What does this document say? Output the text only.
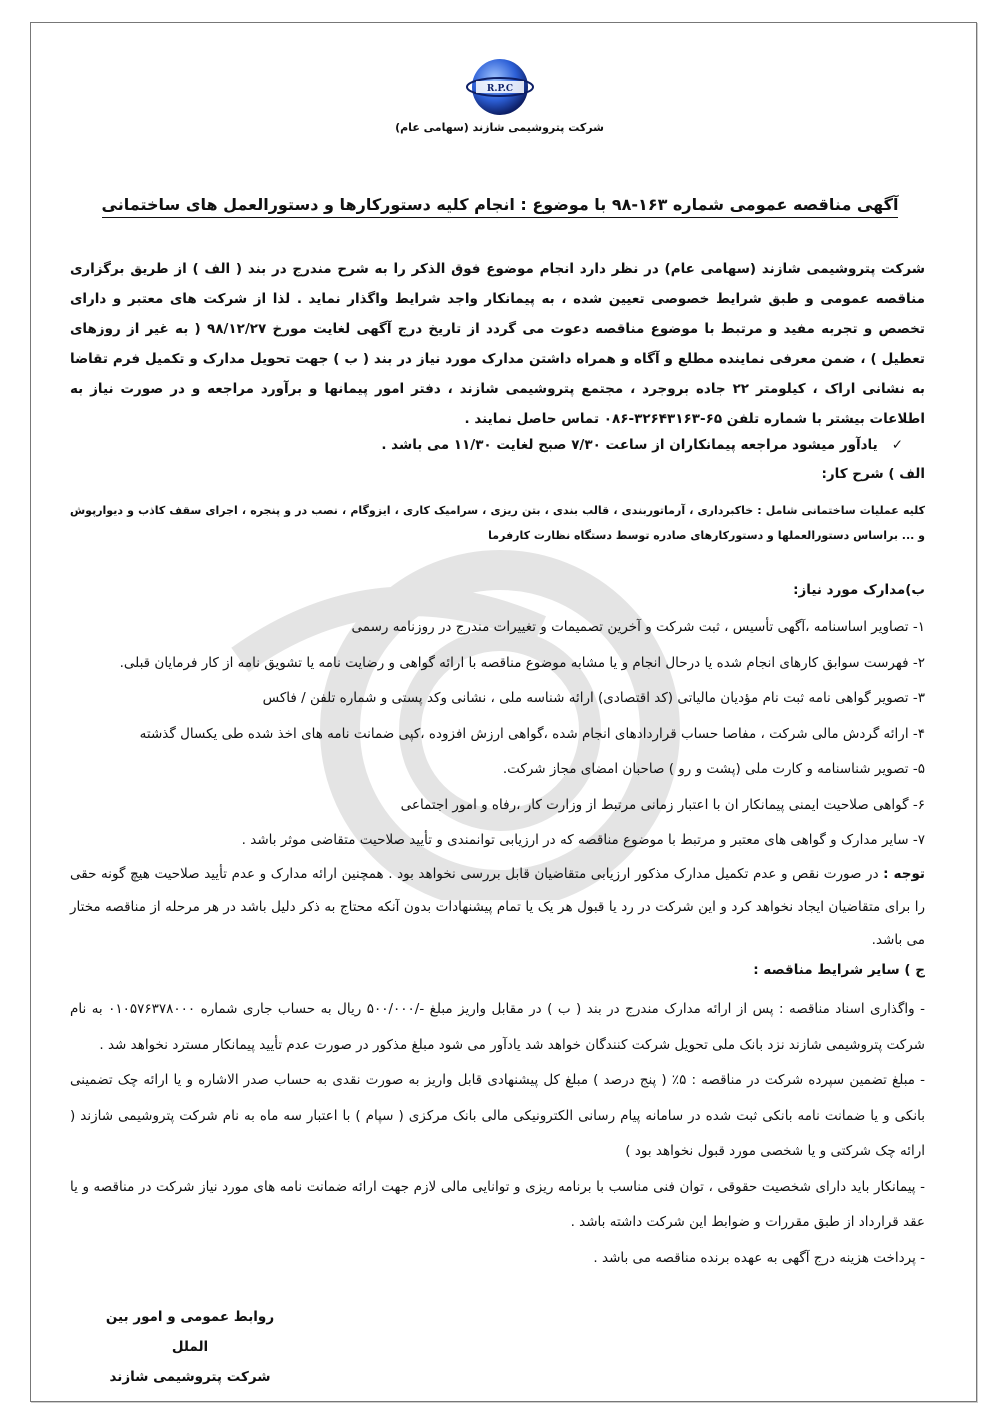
R.P.C
شرکت پتروشیمی شازند (سهامی عام)
آگهی مناقصه عمومی شماره ۱۶۳-۹۸ با موضوع : انجام کلیه دستورکارها و دستورالعمل های ساختمانی
شرکت پتروشیمی شازند (سهامی عام) در نظر دارد انجام موضوع فوق الذکر را به شرح مندرج در بند ( الف ) از طریق برگزاری مناقصه عمومی و طبق شرایط خصوصی تعیین شده ، به پیمانکار واجد شرایط واگذار نماید . لذا از شرکت های معتبر و دارای تخصص و تجربه مفید و مرتبط با موضوع مناقصه دعوت می گردد از تاریخ درج آگهی لغایت مورخ ۹۸/۱۲/۲۷ ( به غیر از روزهای تعطیل ) ، ضمن معرفی نماینده مطلع و آگاه و همراه داشتن مدارک مورد نیاز در بند ( ب ) جهت تحویل مدارک و تکمیل فرم تقاضا به نشانی اراک ، کیلومتر ۲۲ جاده بروجرد ، مجتمع پتروشیمی شازند ، دفتر امور پیمانها و برآورد مراجعه و در صورت نیاز به اطلاعات بیشتر با شماره تلفن ۶۵-۳۲۶۴۳۱۶۳-۰۸۶ تماس حاصل نمایند .
✓یادآور میشود مراجعه پیمانکاران از ساعت ۷/۳۰ صبح لغایت ۱۱/۳۰ می باشد .
الف ) شرح کار:
کلیه عملیات ساختمانی شامل : خاکبرداری ، آرماتوربندی ، قالب بندی ، بتن ریزی ، سرامیک کاری ، ایزوگام ، نصب در و پنجره ، اجرای سقف کاذب و دیوارپوش و ... براساس دستورالعملها و دستورکارهای صادره توسط دستگاه نظارت کارفرما
ب)مدارک مورد نیاز:
۱- تصاویر اساسنامه ،آگهی تأسیس ، ثبت شرکت و آخرین تصمیمات و تغییرات مندرج در روزنامه رسمی
۲- فهرست سوابق کارهای انجام شده یا درحال انجام و یا مشابه موضوع مناقصه با ارائه گواهی و رضایت نامه یا تشویق نامه از کار فرمایان قبلی.
۳- تصویر گواهی نامه ثبت نام مؤدیان مالیاتی (کد اقتصادی) ارائه شناسه ملی ، نشانی وکد پستی و شماره تلفن / فاکس
۴- ارائه گردش مالی شرکت ، مفاصا حساب قراردادهای انجام شده ،گواهی ارزش افزوده ،کپی ضمانت نامه های اخذ شده طی یکسال گذشته
۵- تصویر شناسنامه و کارت ملی (پشت و رو ) صاحبان امضای مجاز شرکت.
۶- گواهی صلاحیت ایمنی پیمانکار ان با اعتبار زمانی مرتبط از وزارت کار ،رفاه و امور اجتماعی
۷- سایر مدارک و گواهی های معتبر و مرتبط با موضوع مناقصه که در ارزیابی توانمندی و تأیید صلاحیت متقاضی موثر باشد .
توجه : در صورت نقص و عدم تکمیل مدارک مذکور ارزیابی متقاضیان قابل بررسی نخواهد بود . همچنین ارائه مدارک و عدم تأیید صلاحیت هیچ گونه حقی را برای متقاضیان ایجاد نخواهد کرد و این شرکت در رد یا قبول هر یک یا تمام پیشنهادات بدون آنکه محتاج به ذکر دلیل باشد در هر مرحله از مناقصه مختار می باشد.
ج ) سایر شرایط مناقصه :
- واگذاری اسناد مناقصه : پس از ارائه مدارک مندرج در بند ( ب ) در مقابل واریز مبلغ -/۵۰۰/۰۰۰ ریال به حساب جاری شماره ۰۱۰۵۷۶۳۷۸۰۰۰ به نام شرکت پتروشیمی شازند نزد بانک ملی تحویل شرکت کنندگان خواهد شد یادآور می شود مبلغ مذکور در صورت عدم تأیید پیمانکار مسترد نخواهد شد .
- مبلغ تضمین سپرده شرکت در مناقصه : ۵٪ ( پنج درصد ) مبلغ کل پیشنهادی قابل واریز به صورت نقدی به حساب صدر الاشاره و یا ارائه چک تضمینی بانکی و یا ضمانت نامه بانکی ثبت شده در سامانه پیام رسانی الکترونیکی مالی بانک مرکزی ( سپام ) با اعتبار سه ماه به نام شرکت پتروشیمی شازند ( ارائه چک شرکتی و یا شخصی مورد قبول نخواهد بود )
- پیمانکار باید دارای شخصیت حقوقی ، توان فنی مناسب با برنامه ریزی و توانایی مالی لازم جهت ارائه ضمانت نامه های مورد نیاز شرکت در مناقصه و یا عقد قرارداد از طبق مقررات و ضوابط این شرکت داشته باشد .
- پرداخت هزینه درج آگهی به عهده برنده مناقصه می باشد .
روابط عمومی و امور بین الملل
شرکت پتروشیمی شازند
